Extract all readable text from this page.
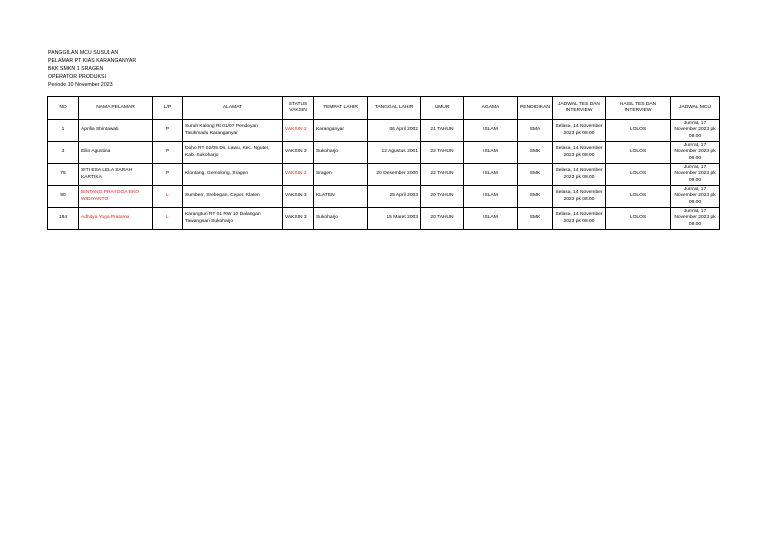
PANGGILAN MCU SUSULAN
PELAMAR PT KIAS KARANGANYAR
BKK SMKN 1 SRAGEN
OPERATOR PRODUKSI
Periode 10 November 2023
NO	NAMA PELAMAR	L/P	ALAMAT	STATUS VAKSIN	TEMPAT LAHIR	TANGGAL LAHIR	UMUR	AGAMA	PENDIDIKAN	JADWAL TES DAN INTERVIEW	HASIL TES DAN INTERVIEW	JADWAL MCU
1	Aprilia Shintawati	P	Suruh Kalong Rt 01/07 Pendeyan Tasikmadu Karanganyar	VAKSIN 2	Karanganyar	06 April 2002	21 TAHUN	ISLAM	SMA	Selasa, 14 November 2023 pk 08.00	LOLOS	Jum'at, 17 November 2023 pk 09.00
3	Ellin Agustina	P	Doho RT 02/05 Ds. Lawu, Kec. Nguter, Kab. Sukoharjo	VAKSIN 3	Sukoharjo	12 Agustus 2001	22 TAHUN	ISLAM	SMK	Selasa, 14 November 2023 pk 08.00	LOLOS	Jum'at, 17 November 2023 pk 09.00
75	SITI ESA LELA SARAH KARTIKA	P	Klontang, Gemolong, Sragen	VAKSIN 2	Sragen	20 Desember 2000	22 TAHUN	ISLAM	SMK	Selasa, 14 November 2023 pk 08.00	LOLOS	Jum'at, 17 November 2023 pk 09.00
90	BINTANG PRAYOGA EKO WIDIYANTO	L	Sumberr, Srebegan, Ceper, Klaten	VAKSIN 3	KLATEN	25 April 2003	20 TAHUN	ISLAM	SMK	Selasa, 14 November 2023 pk 08.00	LOLOS	Jum'at, 17 November 2023 pk 09.00
184	Adhitya Yoga Pratama	L	Karangturi RT 01 RW 10 Dalangan Tawangsari Sukoharjo	VAKSIN 3	Sukoharjo	15 Maret 2003	20 TAHUN	ISLAM	SMK	Selasa, 14 November 2023 pk 08.00	LOLOS	Jum'at, 17 November 2023 pk 09.00
